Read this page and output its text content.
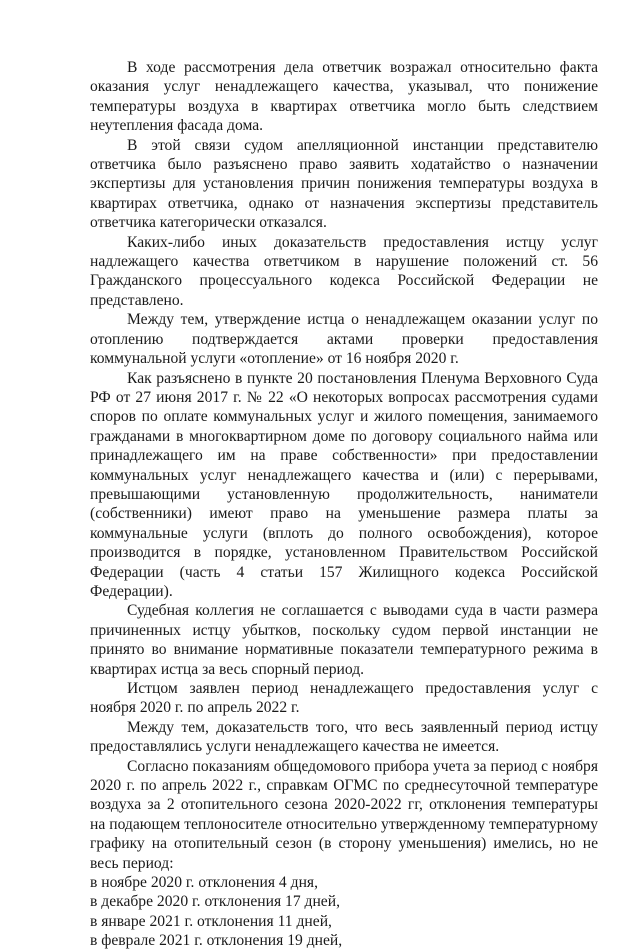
В ходе рассмотрения дела ответчик возражал относительно факта оказания услуг ненадлежащего качества, указывал, что понижение температуры воздуха в квартирах ответчика могло быть следствием неутепления фасада дома.

В этой связи судом апелляционной инстанции представителю ответчика было разъяснено право заявить ходатайство о назначении экспертизы для установления причин понижения температуры воздуха в квартирах ответчика, однако от назначения экспертизы представитель ответчика категорически отказался.

Каких-либо иных доказательств предоставления истцу услуг надлежащего качества ответчиком в нарушение положений ст. 56 Гражданского процессуального кодекса Российской Федерации не представлено.

Между тем, утверждение истца о ненадлежащем оказании услуг по отоплению подтверждается актами проверки предоставления коммунальной услуги «отопление» от 16 ноября 2020 г.

Как разъяснено в пункте 20 постановления Пленума Верховного Суда РФ от 27 июня 2017 г. № 22 «О некоторых вопросах рассмотрения судами споров по оплате коммунальных услуг и жилого помещения, занимаемого гражданами в многоквартирном доме по договору социального найма или принадлежащего им на праве собственности» при предоставлении коммунальных услуг ненадлежащего качества и (или) с перерывами, превышающими установленную продолжительность, наниматели (собственники) имеют право на уменьшение размера платы за коммунальные услуги (вплоть до полного освобождения), которое производится в порядке, установленном Правительством Российской Федерации (часть 4 статьи 157 Жилищного кодекса Российской Федерации).

Судебная коллегия не соглашается с выводами суда в части размера причиненных истцу убытков, поскольку судом первой инстанции не принято во внимание нормативные показатели температурного режима в квартирах истца за весь спорный период.

Истцом заявлен период ненадлежащего предоставления услуг с ноября 2020 г. по апрель 2022 г.

Между тем, доказательств того, что весь заявленный период истцу предоставлялись услуги ненадлежащего качества не имеется.

Согласно показаниям общедомового прибора учета за период с ноября 2020 г. по апрель 2022 г., справкам ОГМС по среднесуточной температуре воздуха за 2 отопительного сезона 2020-2022 гг, отклонения температуры на подающем теплоносителе относительно утвержденному температурному графику на отопительный сезон (в сторону уменьшения) имелись, но не весь период:

в ноябре 2020 г. отклонения 4 дня,

в декабре 2020 г. отклонения 17 дней,

в январе 2021 г. отклонения 11 дней,

в феврале 2021 г. отклонения 19 дней,
